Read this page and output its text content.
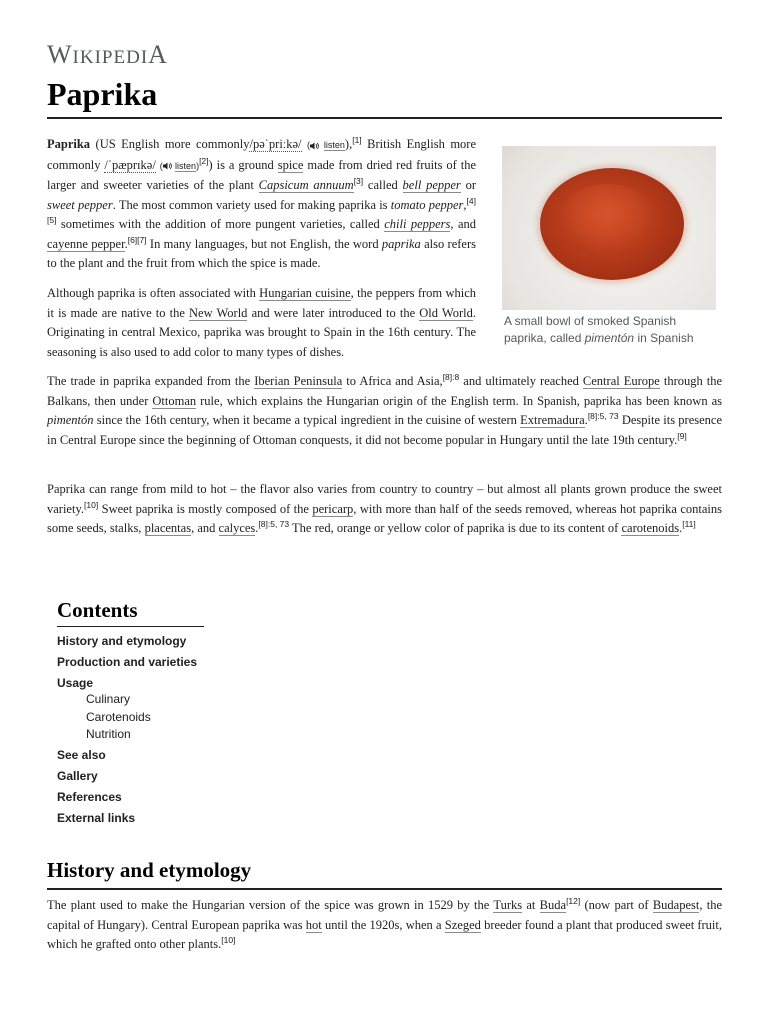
WIKIPEDIA
Paprika

Paprika (US English more commonly/pəˈpriːkə/ ( listen),[1] British English more commonly /ˈpæprɪkə/ ( listen)[2]) is a ground spice made from dried red fruits of the larger and sweeter varieties of the plant Capsicum annuum[3] called bell pepper or sweet pepper. The most common variety used for making paprika is tomato pepper,[4][5] sometimes with the addition of more pungent varieties, called chili peppers, and cayenne pepper.[6][7] In many languages, but not English, the word paprika also refers to the plant and the fruit from which the spice is made.

Although paprika is often associated with Hungarian cuisine, the peppers from which it is made are native to the New World and were later introduced to the Old World. Originating in central Mexico, paprika was brought to Spain in the 16th century. The seasoning is also used to add color to many types of dishes.

A small bowl of smoked Spanish paprika, called pimentón in Spanish

The trade in paprika expanded from the Iberian Peninsula to Africa and Asia,$^{[8]:8}$ and ultimately reached Central Europe through the Balkans, then under Ottoman rule, which explains the Hungarian origin of the English term. In Spanish, paprika has been known as pimentón since the 16th century, when it became a typical ingredient in the cuisine of western Extremadura.$^{[8]:5, 73}$ Despite its presence in Central Europe since the beginning of Ottoman conquests, it did not become popular in Hungary until the late 19th century.[9]

Paprika can range from mild to hot – the flavor also varies from country to country – but almost all plants grown produce the sweet variety.[10] Sweet paprika is mostly composed of the pericarp, with more than half of the seeds removed, whereas hot paprika contains some seeds, stalks, placentas, and calyces.$^{[8]:5, 73}$ The red, orange or yellow color of paprika is due to its content of carotenoids.[11]

Contents
History and etymology
Production and varieties
Usage
Culinary
Carotenoids
Nutrition
See also
Gallery
References
External links
History and etymology

The plant used to make the Hungarian version of the spice was grown in 1529 by the Turks at Buda[12] (now part of Budapest, the capital of Hungary). Central European paprika was hot until the 1920s, when a Szeged breeder found a plant that produced sweet fruit, which he grafted onto other plants.[10]
